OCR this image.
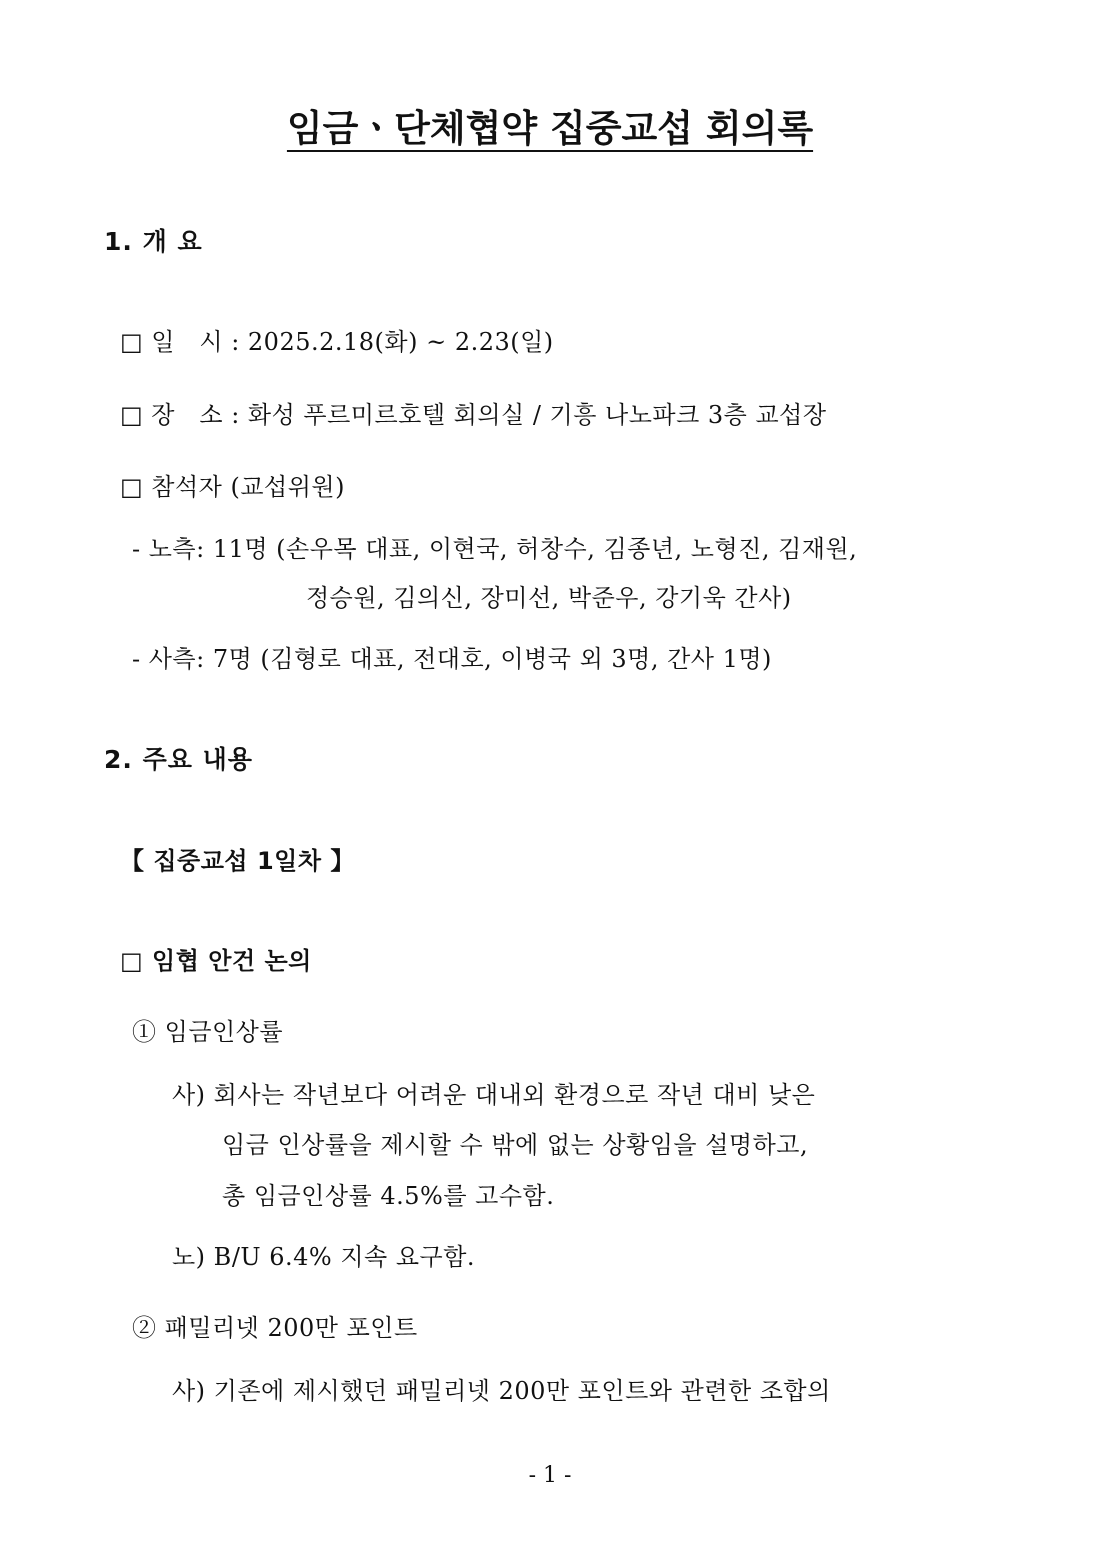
임금ㆍ단체협약 집중교섭 회의록
1. 개 요
□ 일   시 : 2025.2.18(화) ~ 2.23(일)
□ 장   소 : 화성 푸르미르호텔 회의실 / 기흥 나노파크 3층 교섭장
□ 참석자 (교섭위원)
- 노측: 11명 (손우목 대표, 이현국, 허창수, 김종년, 노형진, 김재원,
정승원, 김의신, 장미선, 박준우, 강기욱 간사)
- 사측: 7명 (김형로 대표, 전대호, 이병국 외 3명, 간사 1명)
2. 주요 내용
【 집중교섭 1일차 】
□ 임협 안건 논의
① 임금인상률
사) 회사는 작년보다 어려운 대내외 환경으로 작년 대비 낮은
임금 인상률을 제시할 수 밖에 없는 상황임을 설명하고,
총 임금인상률 4.5%를 고수함.
노) B/U 6.4% 지속 요구함.
② 패밀리넷 200만 포인트
사) 기존에 제시했던 패밀리넷 200만 포인트와 관련한 조합의
- 1 -
